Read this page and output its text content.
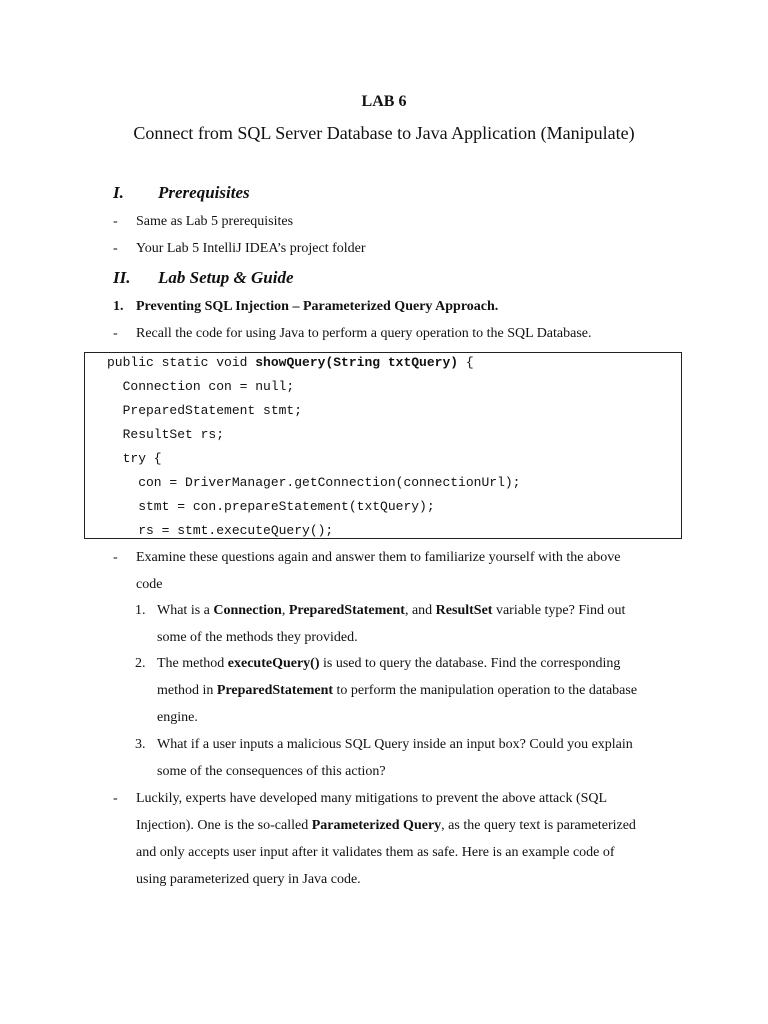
LAB 6
Connect from SQL Server Database to Java Application (Manipulate)
I. Prerequisites
- Same as Lab 5 prerequisites
- Your Lab 5 IntelliJ IDEA’s project folder
II. Lab Setup & Guide
1. Preventing SQL Injection – Parameterized Query Approach.
- Recall the code for using Java to perform a query operation to the SQL Database.
public static void showQuery(String txtQuery) {
Connection con = null;
PreparedStatement stmt;
ResultSet rs;
try {
con = DriverManager.getConnection(connectionUrl);
stmt = con.prepareStatement(txtQuery);
rs = stmt.executeQuery();
- Examine these questions again and answer them to familiarize yourself with the above
code
1. What is a Connection, PreparedStatement, and ResultSet variable type? Find out
some of the methods they provided.
2. The method executeQuery() is used to query the database. Find the corresponding
method in PreparedStatement to perform the manipulation operation to the database
engine.
3. What if a user inputs a malicious SQL Query inside an input box? Could you explain
some of the consequences of this action?
- Luckily, experts have developed many mitigations to prevent the above attack (SQL
Injection). One is the so-called Parameterized Query, as the query text is parameterized
and only accepts user input after it validates them as safe. Here is an example code of
using parameterized query in Java code.
